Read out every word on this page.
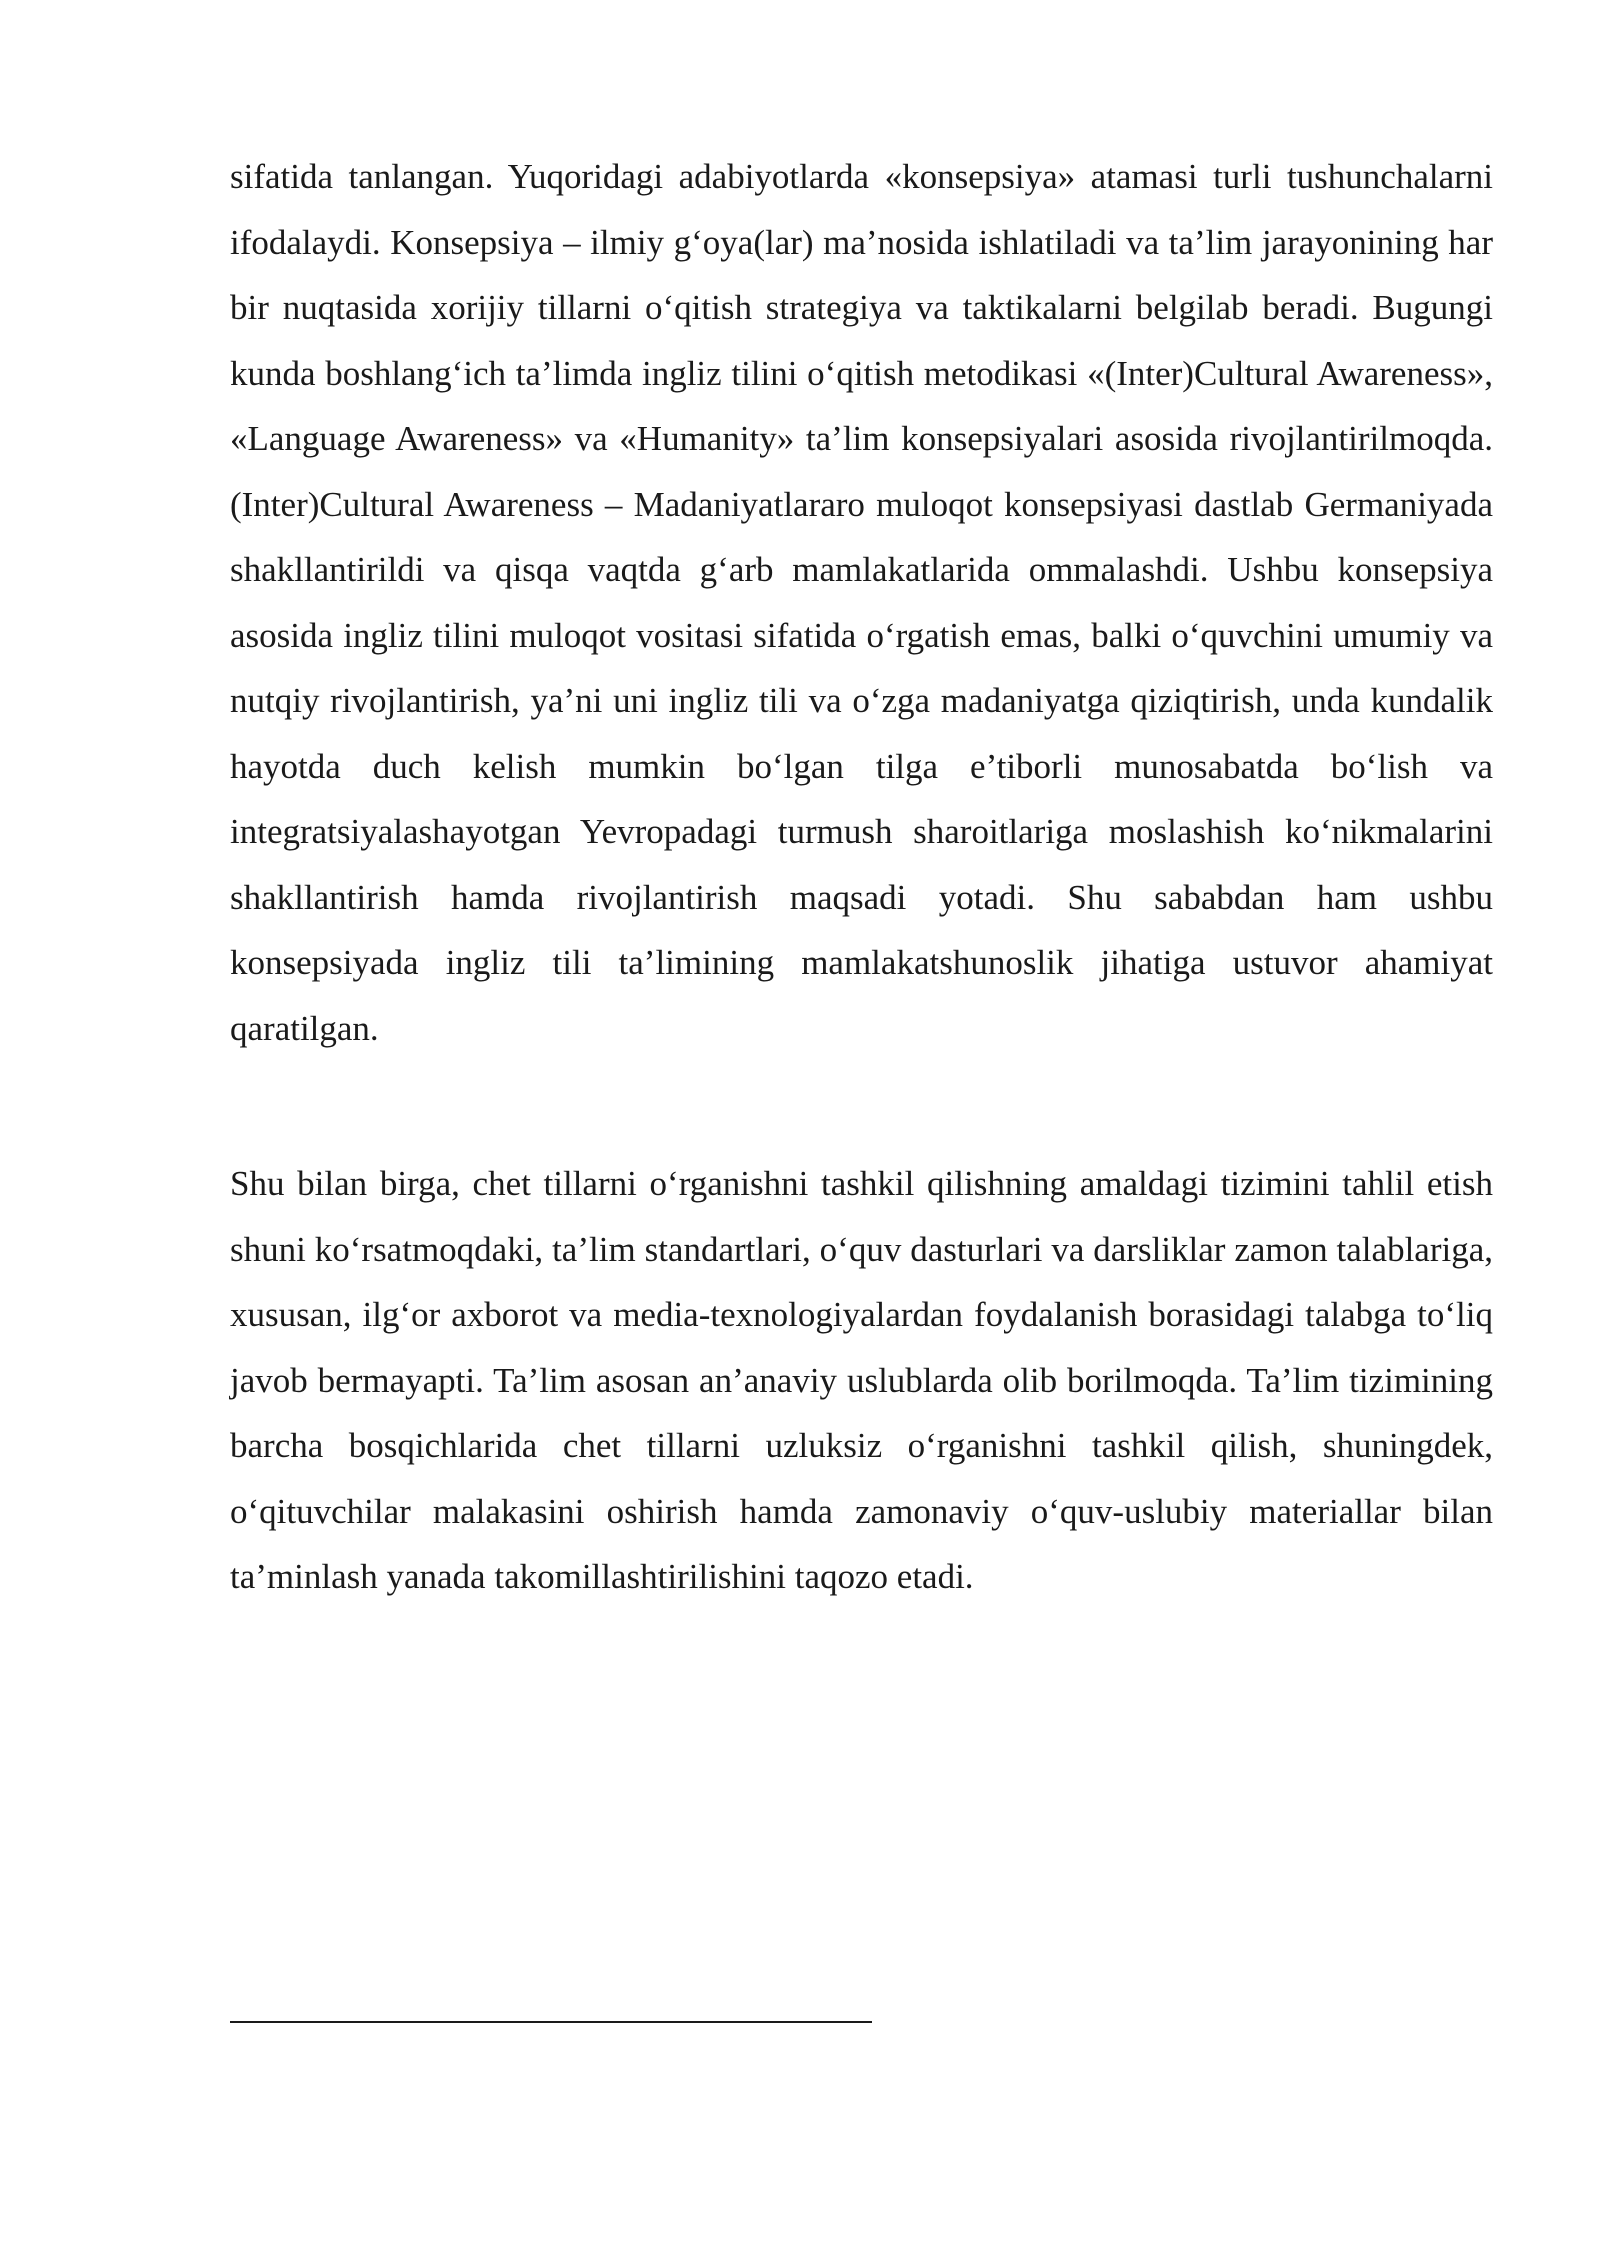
sifatida tanlangan. Yuqoridagi adabiyotlarda «konsepsiya» atamasi turli tushunchalarni ifodalaydi. Konsepsiya – ilmiy g‘oya(lar) ma’nosida ishlatiladi va ta’lim jarayonining har bir nuqtasida xorijiy tillarni o‘qitish strategiya va taktikalarni belgilab beradi. Bugungi kunda boshlang‘ich ta’limda ingliz tilini o‘qitish metodikasi «(Inter)Cultural Awareness», «Language Awareness» va «Humanity» ta’lim konsepsiyalari asosida rivojlantirilmoqda. (Inter)Cultural Awareness – Madaniyatlararo muloqot konsepsiyasi dastlab Germaniyada shakllantirildi va qisqa vaqtda g‘arb mamlakatlarida ommalashdi. Ushbu konsepsiya asosida ingliz tilini muloqot vositasi sifatida o‘rgatish emas, balki o‘quvchini umumiy va nutqiy rivojlantirish, ya’ni uni ingliz tili va o‘zga madaniyatga qiziqtirish, unda kundalik hayotda duch kelish mumkin bo‘lgan tilga e’tiborli munosabatda bo‘lish va integratsiyalashayotgan Yevropadagi turmush sharoitlariga moslashish ko‘nikmalarini shakllantirish hamda rivojlantirish maqsadi yotadi. Shu sababdan ham ushbu konsepsiyada ingliz tili ta’limining mamlakatshunoslik jihatiga ustuvor ahamiyat qaratilgan.

Shu bilan birga, chet tillarni o‘rganishni tashkil qilishning amaldagi tizimini tahlil etish shuni ko‘rsatmoqdaki, ta’lim standartlari, o‘quv dasturlari va darsliklar zamon talablariga, xususan, ilg‘or axborot va media-texnologiyalardan foydalanish borasidagi talabga to‘liq javob bermayapti. Ta’lim asosan an’anaviy uslublarda olib borilmoqda. Ta’lim tizimining barcha bosqichlarida chet tillarni uzluksiz o‘rganishni tashkil qilish, shuningdek, o‘qituvchilar malakasini oshirish hamda zamonaviy o‘quv-uslubiy materiallar bilan ta’minlash yanada takomillashtirilishini taqozo etadi.
